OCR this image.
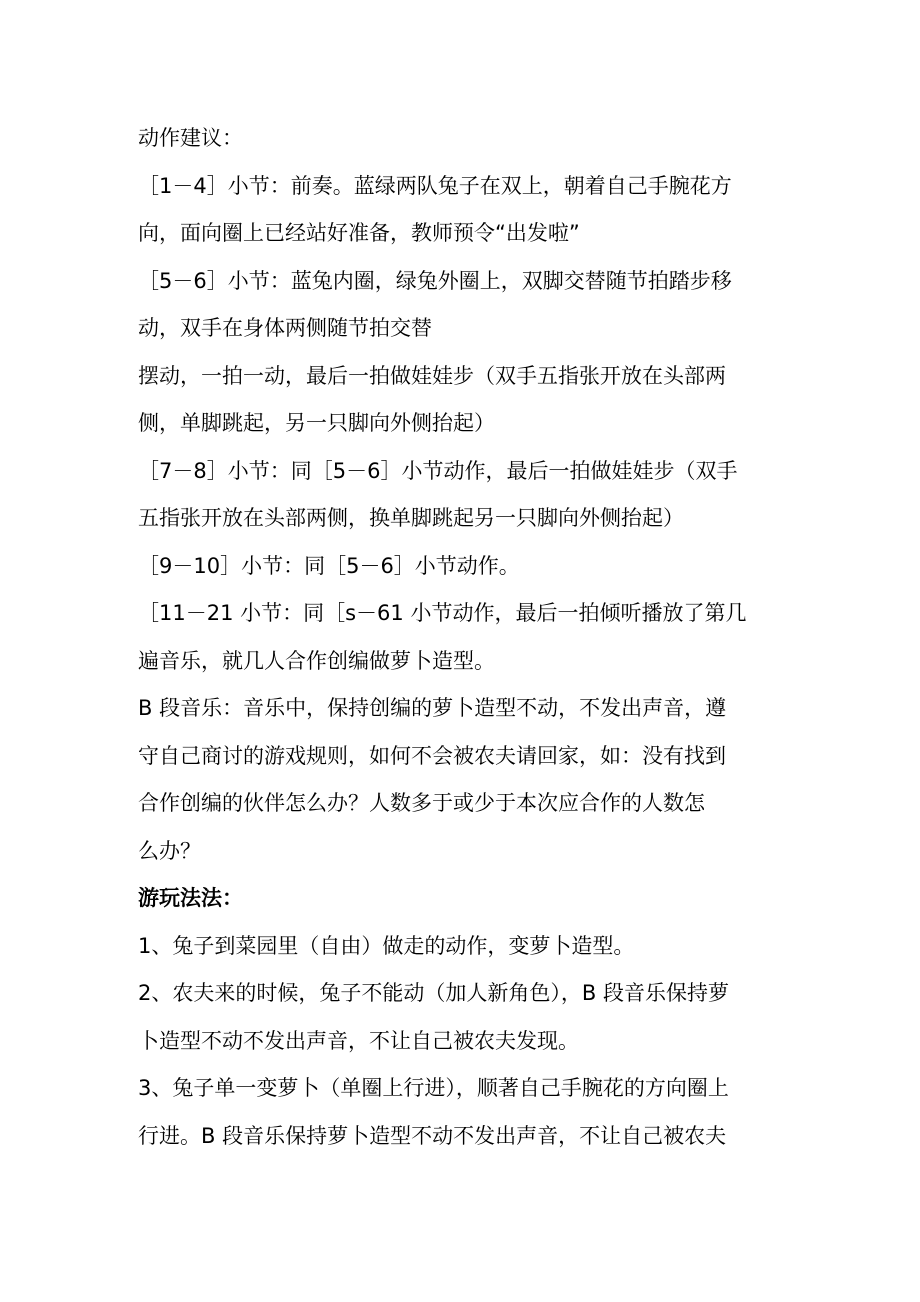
动作建议：
［1－4］小节：前奏。蓝绿两队兔子在双上，朝着自己手腕花方
向，面向圈上已经站好准备，教师预令“出发啦”
［5－6］小节：蓝兔内圈，绿兔外圈上，双脚交替随节拍踏步移
动，双手在身体两侧随节拍交替
摆动，一拍一动，最后一拍做娃娃步（双手五指张开放在头部两
侧，单脚跳起，另一只脚向外侧抬起）
［7－8］小节：同［5－6］小节动作，最后一拍做娃娃步（双手
五指张开放在头部两侧，换单脚跳起另一只脚向外侧抬起）
［9－10］小节：同［5－6］小节动作。
［11－21 小节：同［s－61 小节动作，最后一拍倾听播放了第几
遍音乐，就几人合作创编做萝卜造型。
B 段音乐：音乐中，保持创编的萝卜造型不动，不发出声音，遵
守自己商讨的游戏规则，如何不会被农夫请回家，如：没有找到
合作创编的伙伴怎么办？人数多于或少于本次应合作的人数怎
么办？
游玩法法：
1、兔子到菜园里（自由）做走的动作，变萝卜造型。
2、农夫来的时候，兔子不能动（加人新角色），B 段音乐保持萝
卜造型不动不发出声音，不让自己被农夫发现。
3、兔子单一变萝卜（单圈上行进），顺著自己手腕花的方向圈上
行进。B 段音乐保持萝卜造型不动不发出声音，不让自己被农夫
